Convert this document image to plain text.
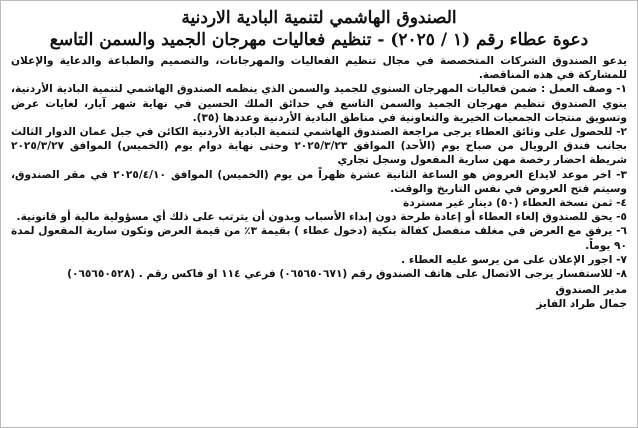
الصندوق الهاشمي لتنمية البادية الاردنية
دعوة عطاء رقم (١ / ٢٠٢٥) - تنظيم فعاليات مهرجان الجميد والسمن التاسع

يدعو الصندوق الشركات المتخصصة في مجال تنظيم الفعاليات والمهرجانات، والتصميم والطباعة والدعاية والإعلان للمشاركة في هذه المناقصة.

١- وصف العمل : ضمن فعاليات المهرجان السنوي للجميد والسمن الذي ينظمه الصندوق الهاشمي لتنمية البادية الأردنية، ينوي الصندوق تنظيم مهرجان الجميد والسمن التاسع في حدائق الملك الحسين في نهاية شهر آيار، لغايات عرض وتسويق منتجات الجمعيات الخيرية والتعاونية في مناطق البادية الأردنية وعددها (٣٥).

٢- للحصول على وثائق العطاء يرجى مراجعة الصندوق الهاشمي لتنمية البادية الأردنية الكائن في جبل عمان الدوار الثالث بجانب فندق الرويال من صباح يوم (الأحد) الموافق ٢٠٢٥/٣/٢٣ وحتى نهاية دوام يوم (الخميس) الموافق ٢٠٢٥/٣/٢٧ شريطة احضار رخصة مهن سارية المفعول وسجل تجاري

٣- اخر موعد لايداع العروض هو الساعة الثانية عشرة ظهراً من يوم (الخميس) الموافق ٢٠٢٥/٤/١٠ في مقر الصندوق، وسيتم فتح العروض في نفس التاريخ والوقت.

٤- ثمن نسخة العطاء (٥٠) دينار غير مستردة

٥- يحق للصندوق إلغاء العطاء أو إعادة طرحة دون إبداء الأسباب وبدون أن يترتب على ذلك أي مسؤولية مالية أو قانونية.

٦- يرفق مع العرض في مغلف منفصل كفالة بنكية (دخول عطاء ) بقيمة ٣٪ من قيمة العرض وتكون سارية المفعول لمدة ٩٠ يوماً.

٧- اجور الإعلان على من يرسو عليه العطاء .

٨- للاستفسار يرجى الاتصال على هاتف الصندوق رقم (٠٦٥٦٥٠٦٧١) فرعي ١١٤ او فاكس رقم . (٠٦٥٦٥٠٥٢٨)

مدير الصندوق
جمال طراد الفايز
